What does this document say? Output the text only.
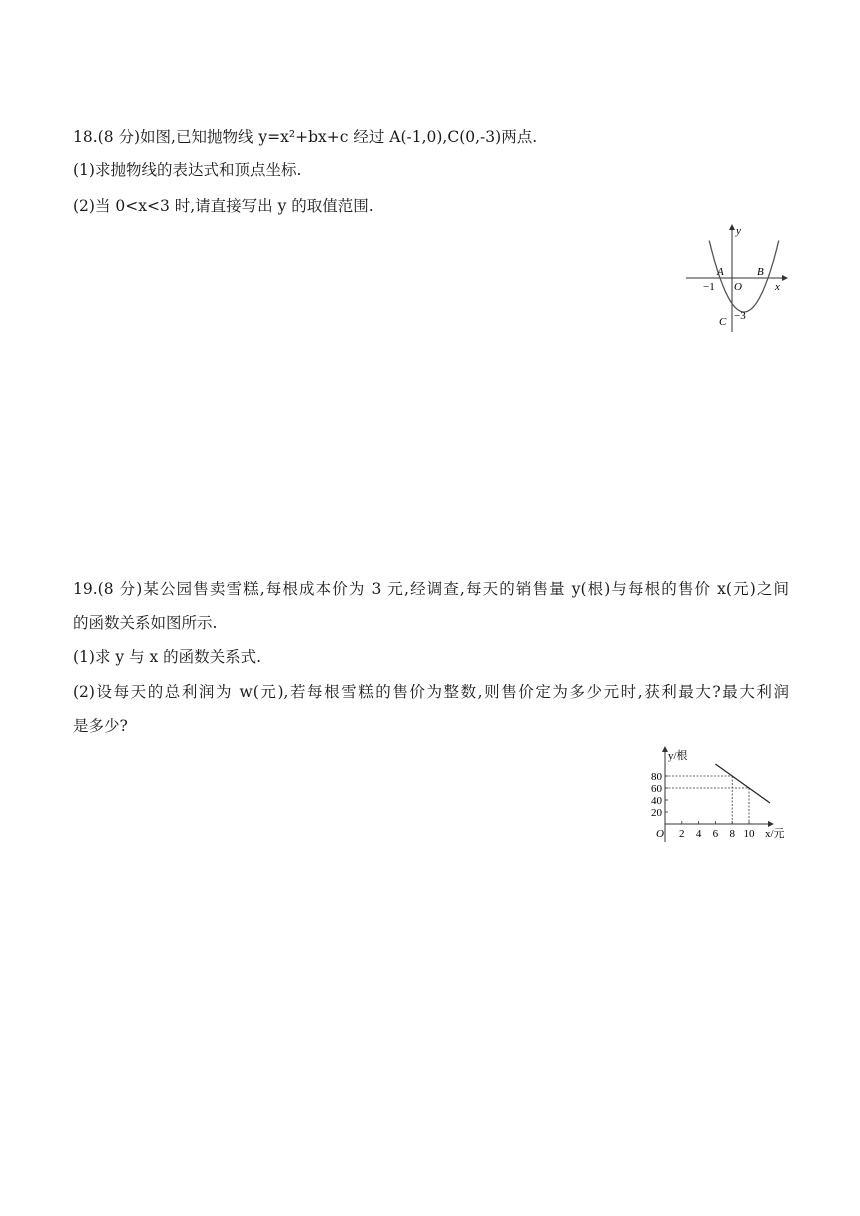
18.(8 分)如图,已知抛物线 y=x²+bx+c 经过 A(-1,0),C(0,-3)两点.
(1)求抛物线的表达式和顶点坐标.
(2)当 0<x<3 时,请直接写出 y 的取值范围.
y
x
O
A	B
C
−1
−3
19.(8 分)某公园售卖雪糕,每根成本价为 3 元,经调查,每天的销售量 y(根)与每根的售价 x(元)之间
的函数关系如图所示.
(1)求 y 与 x 的函数关系式.
(2)设每天的总利润为 w(元),若每根雪糕的售价为整数,则售价定为多少元时,获利最大?最大利润
是多少?
2 4 6 8 10
20
40
60
80
O
y/根
x/元
